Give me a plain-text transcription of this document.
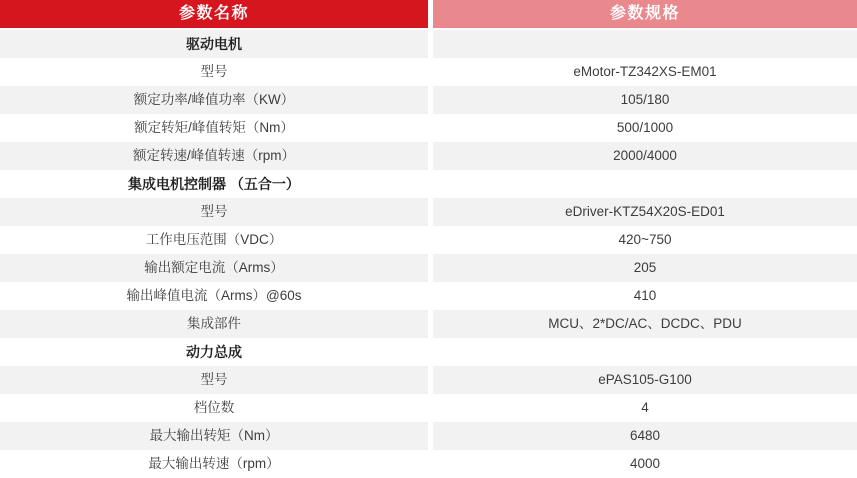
参数名称	参数规格
驱动电机
型号	eMotor-TZ342XS-EM01
额定功率/峰值功率（KW）	105/180
额定转矩/峰值转矩（Nm）	500/1000
额定转速/峰值转速（rpm）	2000/4000
集成电机控制器 （五合一）
型号	eDriver-KTZ54X20S-ED01
工作电压范围（VDC）	420~750
输出额定电流（Arms）	205
输出峰值电流（Arms）@60s	410
集成部件	MCU、2*DC/AC、DCDC、PDU
动力总成
型号	ePAS105-G100
档位数	4
最大输出转矩（Nm）	6480
最大输出转速（rpm）	4000
